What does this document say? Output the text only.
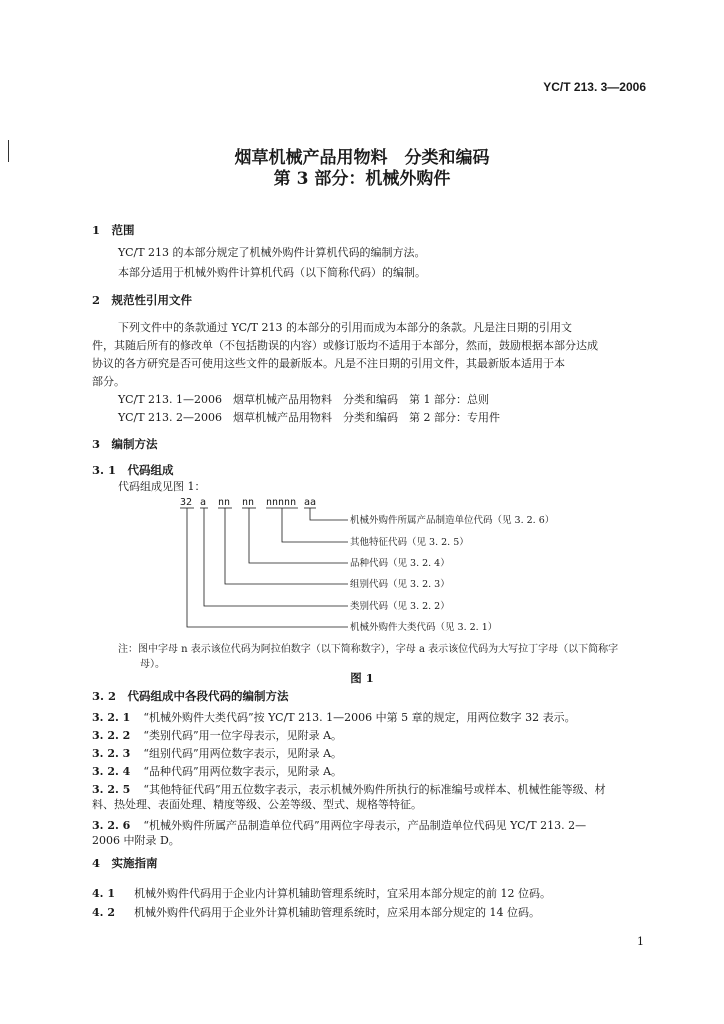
YC/T 213. 3—2006
烟草机械产品用物料　分类和编码
第 3 部分：机械外购件
1　范围
YC/T 213 的本部分规定了机械外购件计算机代码的编制方法。
本部分适用于机械外购件计算机代码（以下简称代码）的编制。
2　规范性引用文件
下列文件中的条款通过 YC/T 213 的本部分的引用而成为本部分的条款。凡是注日期的引用文
件，其随后所有的修改单（不包括勘误的内容）或修订版均不适用于本部分，然而，鼓励根据本部分达成
协议的各方研究是否可使用这些文件的最新版本。凡是不注日期的引用文件，其最新版本适用于本
部分。
YC/T 213. 1—2006　烟草机械产品用物料　分类和编码　第 1 部分：总则
YC/T 213. 2—2006　烟草机械产品用物料　分类和编码　第 2 部分：专用件
3　编制方法
3. 1　代码组成
代码组成见图 1：
32 a nn nn nnnnn aa
机械外购件所属产品制造单位代码（见 3. 2. 6）
其他特征代码（见 3. 2. 5）
品种代码（见 3. 2. 4）
组别代码（见 3. 2. 3）
类别代码（见 3. 2. 2）
机械外购件大类代码（见 3. 2. 1）
注：图中字母 n 表示该位代码为阿拉伯数字（以下简称数字），字母 a 表示该位代码为大写拉丁字母（以下简称字
母）。
图 1
3. 2　代码组成中各段代码的编制方法
3. 2. 1 “机械外购件大类代码”按 YC/T 213. 1—2006 中第 5 章的规定，用两位数字 32 表示。
3. 2. 2 “类别代码”用一位字母表示，见附录 A。
3. 2. 3 “组别代码”用两位数字表示，见附录 A。
3. 2. 4 “品种代码”用两位数字表示，见附录 A。
3. 2. 5 “其他特征代码”用五位数字表示，表示机械外购件所执行的标准编号或样本、机械性能等级、材
料、热处理、表面处理、精度等级、公差等级、型式、规格等特征。
3. 2. 6 “机械外购件所属产品制造单位代码”用两位字母表示，产品制造单位代码见 YC/T 213. 2—
2006 中附录 D。
4　实施指南
4. 1 机械外购件代码用于企业内计算机辅助管理系统时，宜采用本部分规定的前 12 位码。
4. 2 机械外购件代码用于企业外计算机辅助管理系统时，应采用本部分规定的 14 位码。
1
